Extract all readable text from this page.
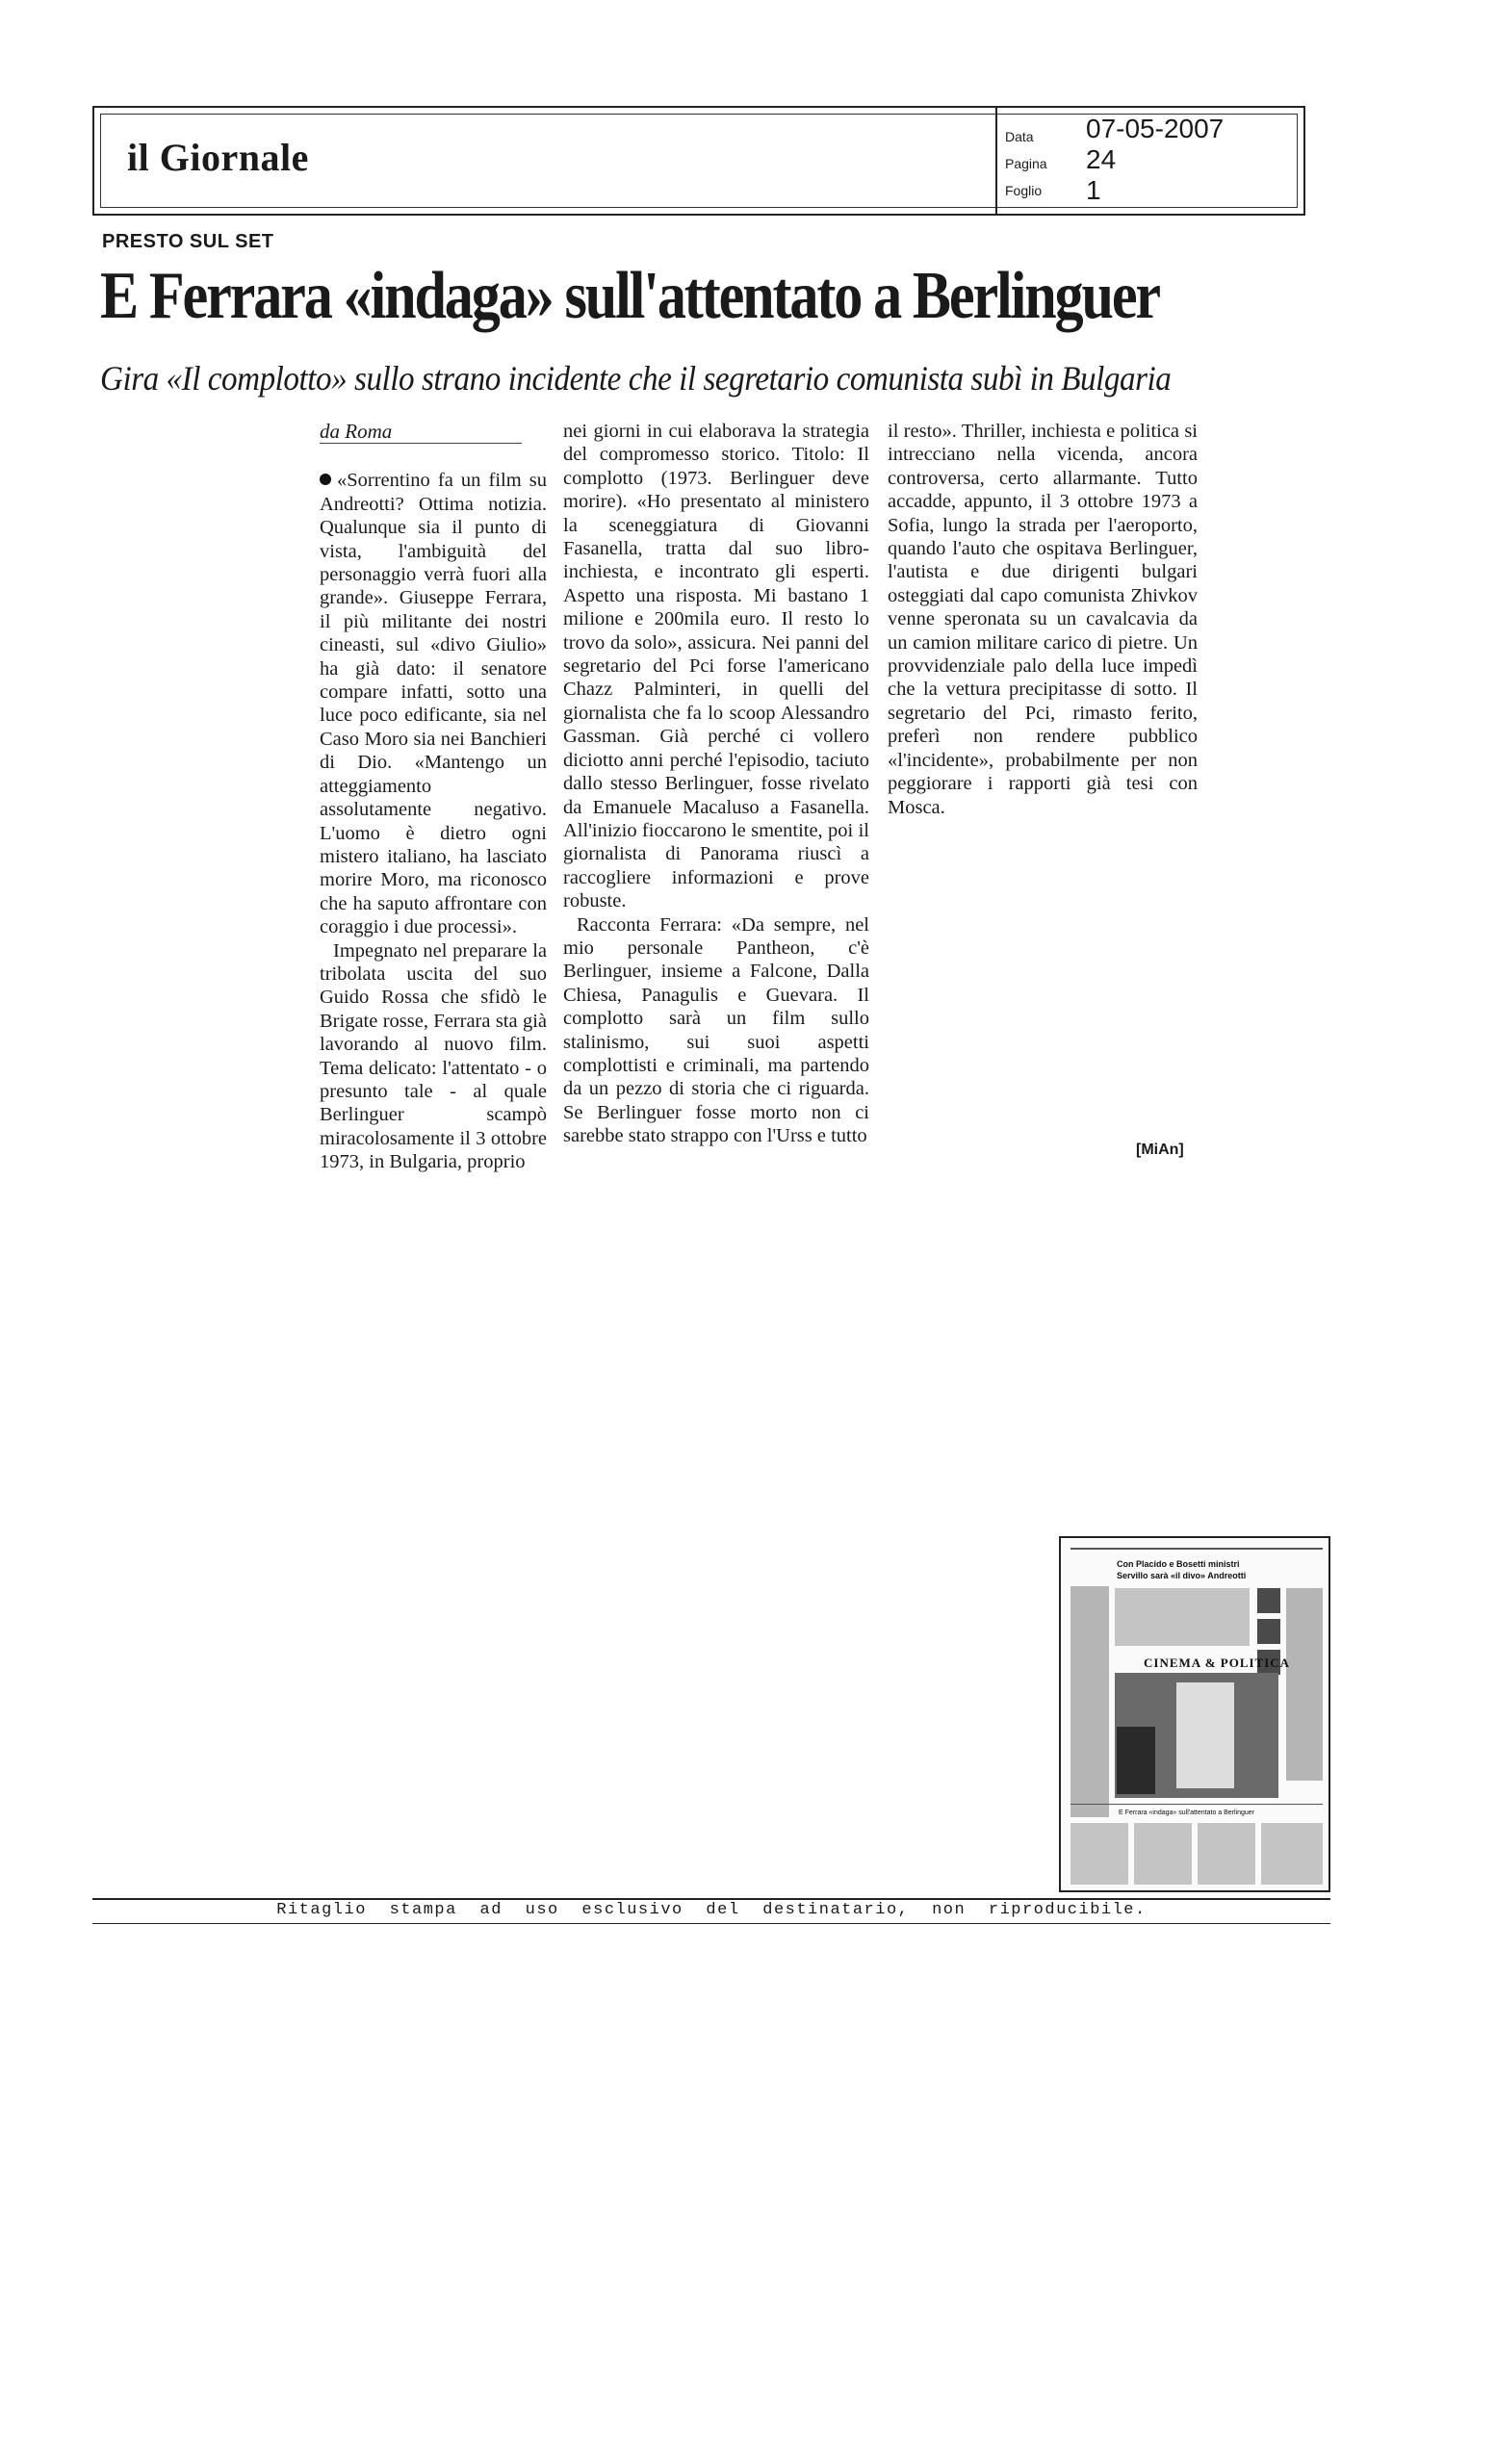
il Giornale	Data
Pagina
Foglio
07-05-2007
24
1
PRESTO SUL SET
E Ferrara «indaga» sull'attentato a Berlinguer
Gira «Il complotto» sullo strano incidente che il segretario comunista subì in Bulgaria
da Roma

«Sorrentino fa un film su Andreotti? Ottima notizia. Qualunque sia il punto di vista, l'ambiguità del personaggio verrà fuori alla grande». Giuseppe Ferrara, il più militante dei nostri cineasti, sul «divo Giulio» ha già dato: il senatore compare infatti, sotto una luce poco edificante, sia nel Caso Moro sia nei Banchieri di Dio. «Mantengo un atteggiamento assolutamente negativo. L'uomo è dietro ogni mistero italiano, ha lasciato morire Moro, ma riconosco che ha saputo affrontare con coraggio i due processi».

Impegnato nel preparare la tribolata uscita del suo Guido Rossa che sfidò le Brigate rosse, Ferrara sta già lavorando al nuovo film. Tema delicato: l'attentato - o presunto tale - al quale Berlinguer scampò miracolosamente il 3 ottobre 1973, in Bulgaria, proprio

nei giorni in cui elaborava la strategia del compromesso storico. Titolo: Il complotto (1973. Berlinguer deve morire). «Ho presentato al ministero la sceneggiatura di Giovanni Fasanella, tratta dal suo libro-inchiesta, e incontrato gli esperti. Aspetto una risposta. Mi bastano 1 milione e 200mila euro. Il resto lo trovo da solo», assicura. Nei panni del segretario del Pci forse l'americano Chazz Palminteri, in quelli del giornalista che fa lo scoop Alessandro Gassman. Già perché ci vollero diciotto anni perché l'episodio, taciuto dallo stesso Berlinguer, fosse rivelato da Emanuele Macaluso a Fasanella. All'inizio fioccarono le smentite, poi il giornalista di Panorama riuscì a raccogliere informazioni e prove robuste.

Racconta Ferrara: «Da sempre, nel mio personale Pantheon, c'è Berlinguer, insieme a Falcone, Dalla Chiesa, Panagulis e Guevara. Il complotto sarà un film sullo stalinismo, sui suoi aspetti complottisti e criminali, ma partendo da un pezzo di storia che ci riguarda. Se Berlinguer fosse morto non ci sarebbe stato strappo con l'Urss e tutto

il resto». Thriller, inchiesta e politica si intrecciano nella vicenda, ancora controversa, certo allarmante. Tutto accadde, appunto, il 3 ottobre 1973 a Sofia, lungo la strada per l'aeroporto, quando l'auto che ospitava Berlinguer, l'autista e due dirigenti bulgari osteggiati dal capo comunista Zhivkov venne speronata su un cavalcavia da un camion militare carico di pietre. Un provvidenziale palo della luce impedì che la vettura precipitasse di sotto. Il segretario del Pci, rimasto ferito, preferì non rendere pubblico «l'incidente», probabilmente per non peggiorare i rapporti già tesi con Mosca.

[MiAn]
Con Placido e Bosetti ministri
Servillo sarà «il divo» Andreotti
CINEMA & POLITICA
E Ferrara «indaga» sull'attentato a Berlinguer
Ritaglio stampa ad uso esclusivo del destinatario, non riproducibile.
